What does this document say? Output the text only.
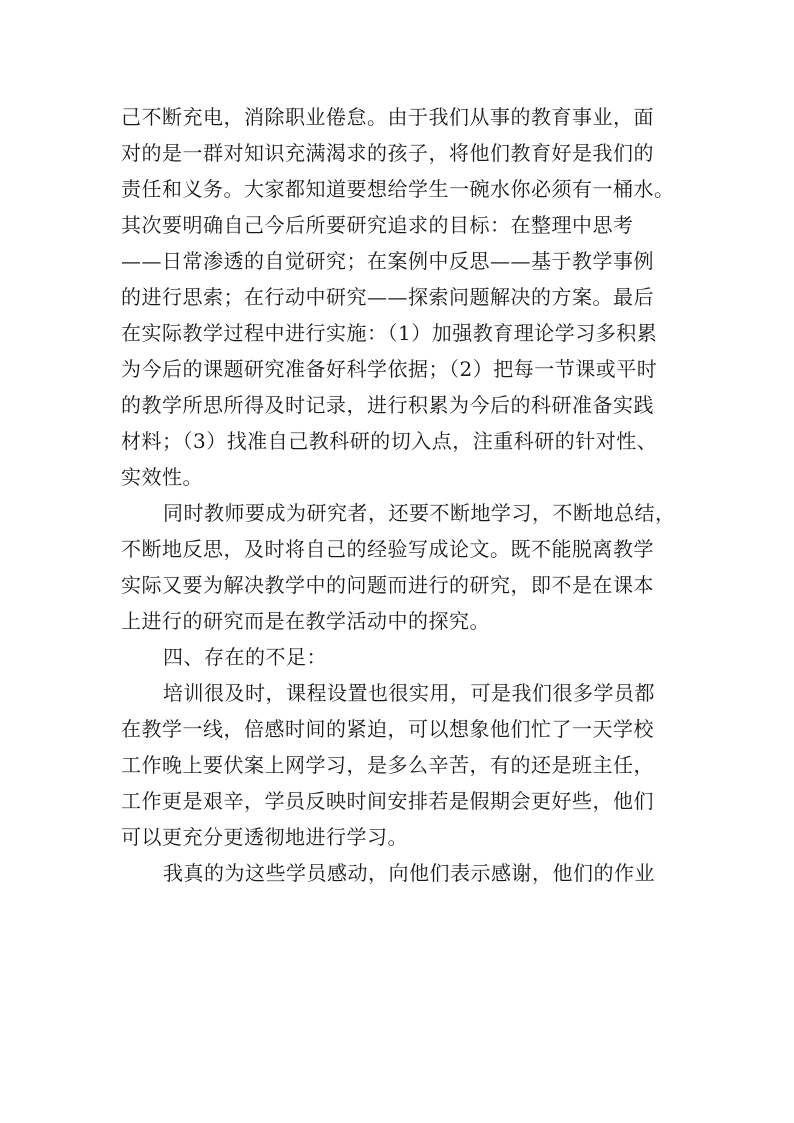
己不断充电，消除职业倦怠。由于我们从事的教育事业，面
对的是一群对知识充满渴求的孩子，将他们教育好是我们的
责任和义务。大家都知道要想给学生一碗水你必须有一桶水。
其次要明确自己今后所要研究追求的目标：在整理中思考
——日常渗透的自觉研究；在案例中反思——基于教学事例
的进行思索；在行动中研究——探索问题解决的方案。最后
在实际教学过程中进行实施：（1）加强教育理论学习多积累
为今后的课题研究准备好科学依据；（2）把每一节课或平时
的教学所思所得及时记录，进行积累为今后的科研准备实践
材料；（3）找准自己教科研的切入点，注重科研的针对性、
实效性。
同时教师要成为研究者，还要不断地学习，不断地总结，
不断地反思，及时将自己的经验写成论文。既不能脱离教学
实际又要为解决教学中的问题而进行的研究，即不是在课本
上进行的研究而是在教学活动中的探究。
四、存在的不足：
培训很及时，课程设置也很实用，可是我们很多学员都
在教学一线，倍感时间的紧迫，可以想象他们忙了一天学校
工作晚上要伏案上网学习，是多么辛苦，有的还是班主任，
工作更是艰辛，学员反映时间安排若是假期会更好些，他们
可以更充分更透彻地进行学习。
我真的为这些学员感动，向他们表示感谢，他们的作业
